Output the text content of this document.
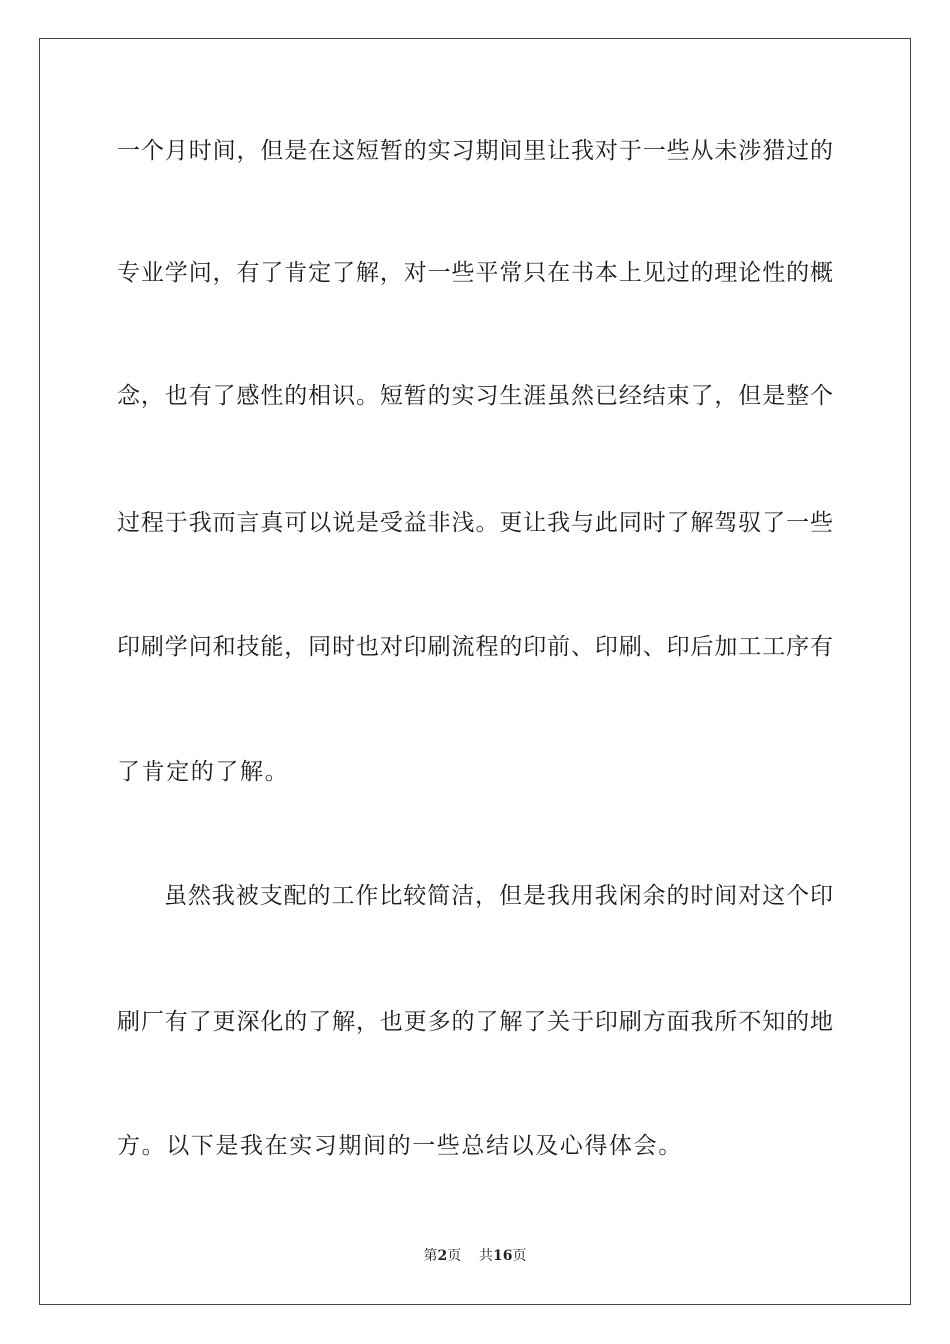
一个月时间，但是在这短暂的实习期间里让我对于一些从未涉猎过的
专业学问，有了肯定了解，对一些平常只在书本上见过的理论性的概
念，也有了感性的相识。短暂的实习生涯虽然已经结束了，但是整个
过程于我而言真可以说是受益非浅。更让我与此同时了解驾驭了一些
印刷学问和技能，同时也对印刷流程的印前、印刷、印后加工工序有
了肯定的了解。
虽然我被支配的工作比较简洁，但是我用我闲余的时间对这个印
刷厂有了更深化的了解，也更多的了解了关于印刷方面我所不知的地
方。以下是我在实习期间的一些总结以及心得体会。
第2页 共16页
